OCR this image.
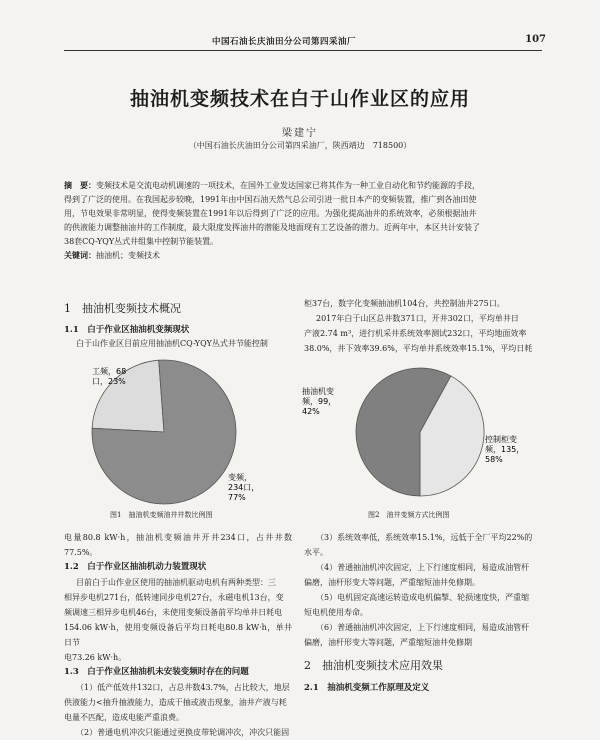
中国石油长庆油田分公司第四采油厂	107
抽油机变频技术在白于山作业区的应用
梁建宁
（中国石油长庆油田分公司第四采油厂，陕西靖边　718500）
摘　要：变频技术是交流电动机调速的一项技术，在国外工业发达国家已将其作为一种工业自动化和节约能源的手段，
得到了广泛的使用。在我国起步较晚，1991年由中国石油天然气总公司引进一批日本产的变频装置，推广到各油田使
用，节电效果非常明显，使得变频装置在1991年以后得到了广泛的应用。为强化提高油井的系统效率，必须根据油井
的供液能力调整抽油井的工作制度，最大限度发挥油井的潜能及地面现有工艺设备的潜力。近两年中，本区共计安装了
38套CQ-YQY丛式井组集中控制节能装置。
关键词：抽油机；变频技术
1　抽油机变频技术概况
1.1　白于作业区抽油机变频现状
白于山作业区目前应用抽油机CQ-YQY丛式井节能控制
工频，68
口，23%
变频，
234口，
77%
图1　抽油机变频油井井数比例图
柜37台，数字化变频抽油机104台，共控制油井275口。
2017年白于山区总井数371口，开井302口，平均单井日
产液2.74 m³，进行机采井系统效率测试232口，平均地面效率
38.0%，井下效率39.6%，平均单井系统效率15.1%，平均日耗
抽油机变
频，99，
42%
控制柜变
频，135，
58%
图2　油井变频方式比例图
电量80.8 kW·h，抽油机变频油井开井234口，占井井数77.5%。
1.2　白于作业区抽油机动力装置现状
目前白于山作业区使用的抽油机驱动电机有两种类型：三
相异步电机271台，低转速同步电机27台，永磁电机13台，变
频调速三相异步电机46台，未使用变频设备前平均单井日耗电
154.06 kW·h，使用变频设备后平均日耗电80.8 kW·h，单井日节
电73.26 kW·h。
1.3　白于作业区抽油机未安装变频时存在的问题
（1）低产低效井132口，占总井数43.7%，占比较大，地层
供液能力<抽升抽液能力，造成干抽或液击现象，油井产液与耗
电量不匹配，造成电能严重浪费。
（2）普通电机冲次只能通过更换皮带轮调冲次，冲次只能固
（3）系统效率低，系统效率15.1%，远低于全厂平均22%的
水平。
（4）普通抽油机冲次固定，上下行速度相同，易造成油管杆
偏磨，油杆形变大等问题，严重缩短油井免修期。
（5）电机固定高速运转造成电机偏掣、轮损速度快，严重缩
短电机使用寿命。
（6）普通抽油机冲次固定，上下行速度相同，易造成油管杆
偏磨，油杆形变大等问题，严重缩短油井免修期
2　抽油机变频技术应用效果
2.1　抽油机变频工作原理及定义
